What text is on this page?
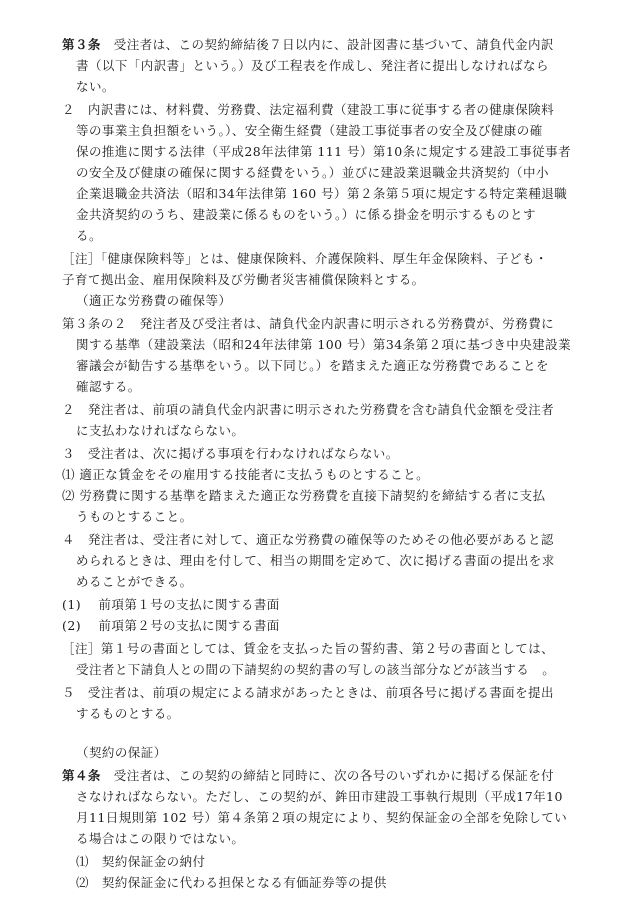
第３条　受注者は、この契約締結後７日以内に、設計図書に基づいて、請負代金内訳
書（以下「内訳書」という。）及び工程表を作成し、発注者に提出しなければなら
ない。
２　内訳書には、材料費、労務費、法定福利費（建設工事に従事する者の健康保険料
等の事業主負担額をいう。）、安全衛生経費（建設工事従事者の安全及び健康の確
保の推進に関する法律（平成28年法律第 111 号）第10条に規定する建設工事従事者
の安全及び健康の確保に関する経費をいう。）並びに建設業退職金共済契約（中小
企業退職金共済法（昭和34年法律第 160 号）第２条第５項に規定する特定業種退職
金共済契約のうち、建設業に係るものをいう。）に係る掛金を明示するものとす
る。
［注］「健康保険料等」とは、健康保険料、介護保険料、厚生年金保険料、子ども・
子育て拠出金、雇用保険料及び労働者災害補償保険料とする。
（適正な労務費の確保等）
第３条の２　発注者及び受注者は、請負代金内訳書に明示される労務費が、労務費に
関する基準（建設業法（昭和24年法律第 100 号）第34条第２項に基づき中央建設業
審議会が勧告する基準をいう。以下同じ。）を踏まえた適正な労務費であることを
確認する。
２　発注者は、前項の請負代金内訳書に明示された労務費を含む請負代金額を受注者
に支払わなければならない。
３　受注者は、次に掲げる事項を行わなければならない。
⑴ 適正な賃金をその雇用する技能者に支払うものとすること。
⑵ 労務費に関する基準を踏まえた適正な労務費を直接下請契約を締結する者に支払
うものとすること。
４　発注者は、受注者に対して、適正な労務費の確保等のためその他必要があると認
められるときは、理由を付して、相当の期間を定めて、次に掲げる書面の提出を求
めることができる。
(1)　 前項第１号の支払に関する書面
(2)　 前項第２号の支払に関する書面
［注］第１号の書面としては、賃金を支払った旨の誓約書、第２号の書面としては、
受注者と下請負人との間の下請契約の契約書の写しの該当部分などが該当する　。
５　受注者は、前項の規定による請求があったときは、前項各号に掲げる書面を提出
するものとする。
（契約の保証）
第４条　受注者は、この契約の締結と同時に、次の各号のいずれかに掲げる保証を付
さなければならない。ただし、この契約が、鉾田市建設工事執行規則（平成17年10
月11日規則第 102 号）第４条第２項の規定により、契約保証金の全部を免除してい
る場合はこの限りではない。
⑴　契約保証金の納付
⑵　契約保証金に代わる担保となる有価証券等の提供
